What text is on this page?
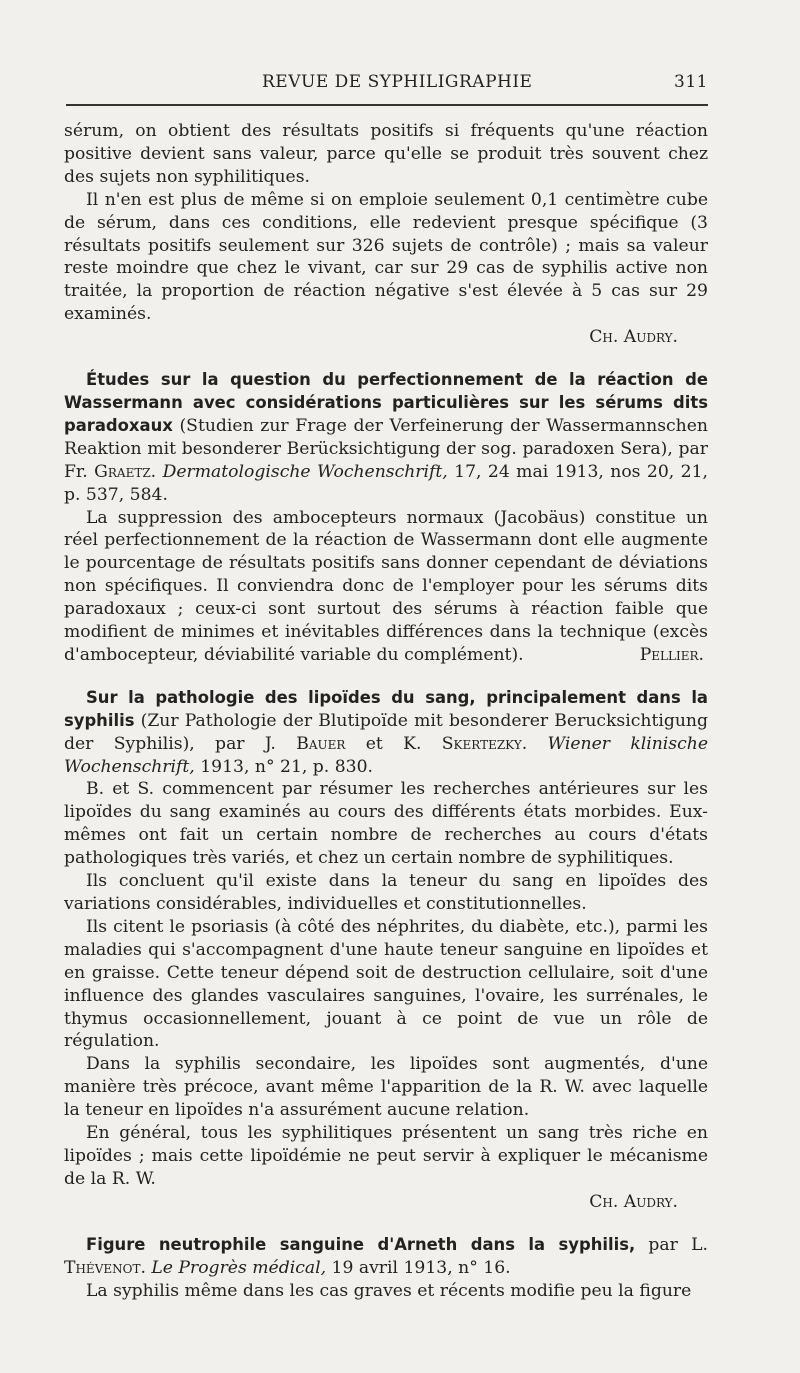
REVUE DE SYPHILIGRAPHIE	311

sérum, on obtient des résultats positifs si fréquents qu'une réaction positive devient sans valeur, parce qu'elle se produit très souvent chez des sujets non syphilitiques.

Il n'en est plus de même si on emploie seulement 0,1 centimètre cube de sérum, dans ces conditions, elle redevient presque spécifique (3 résultats positifs seulement sur 326 sujets de contrôle) ; mais sa valeur reste moindre que chez le vivant, car sur 29 cas de syphilis active non traitée, la proportion de réaction négative s'est élevée à 5 cas sur 29 examinés.

Ch. Audry.

Études sur la question du perfectionnement de la réaction de Wassermann avec considérations particulières sur les sérums dits paradoxaux (Studien zur Frage der Verfeinerung der Wassermannschen Reaktion mit besonderer Berücksichtigung der sog. paradoxen Sera), par Fr. Graetz. Dermatologische Wochenschrift, 17, 24 mai 1913, nos 20, 21, p. 537, 584.

La suppression des ambocepteurs normaux (Jacobäus) constitue un réel perfectionnement de la réaction de Wassermann dont elle augmente le pourcentage de résultats positifs sans donner cependant de déviations non spécifiques. Il conviendra donc de l'employer pour les sérums dits paradoxaux ; ceux-ci sont surtout des sérums à réaction faible que modifient de minimes et inévitables différences dans la technique (excès d'ambocepteur, déviabilité variable du complément).	Pellier.

Sur la pathologie des lipoïdes du sang, principalement dans la syphilis (Zur Pathologie der Blutipoïde mit besonderer Berucksichtigung der Syphilis), par J. Bauer et K. Skertezky. Wiener klinische Wochenschrift, 1913, n° 21, p. 830.

B. et S. commencent par résumer les recherches antérieures sur les lipoïdes du sang examinés au cours des différents états morbides. Eux-mêmes ont fait un certain nombre de recherches au cours d'états pathologiques très variés, et chez un certain nombre de syphilitiques.

Ils concluent qu'il existe dans la teneur du sang en lipoïdes des variations considérables, individuelles et constitutionnelles.

Ils citent le psoriasis (à côté des néphrites, du diabète, etc.), parmi les maladies qui s'accompagnent d'une haute teneur sanguine en lipoïdes et en graisse. Cette teneur dépend soit de destruction cellulaire, soit d'une influence des glandes vasculaires sanguines, l'ovaire, les surrénales, le thymus occasionnellement, jouant à ce point de vue un rôle de régulation.

Dans la syphilis secondaire, les lipoïdes sont augmentés, d'une manière très précoce, avant même l'apparition de la R. W. avec laquelle la teneur en lipoïdes n'a assurément aucune relation.

En général, tous les syphilitiques présentent un sang très riche en lipoïdes ; mais cette lipoïdémie ne peut servir à expliquer le mécanisme de la R. W.

Ch. Audry.

Figure neutrophile sanguine d'Arneth dans la syphilis, par L. Thévenot. Le Progrès médical, 19 avril 1913, n° 16.

La syphilis même dans les cas graves et récents modifie peu la figure
